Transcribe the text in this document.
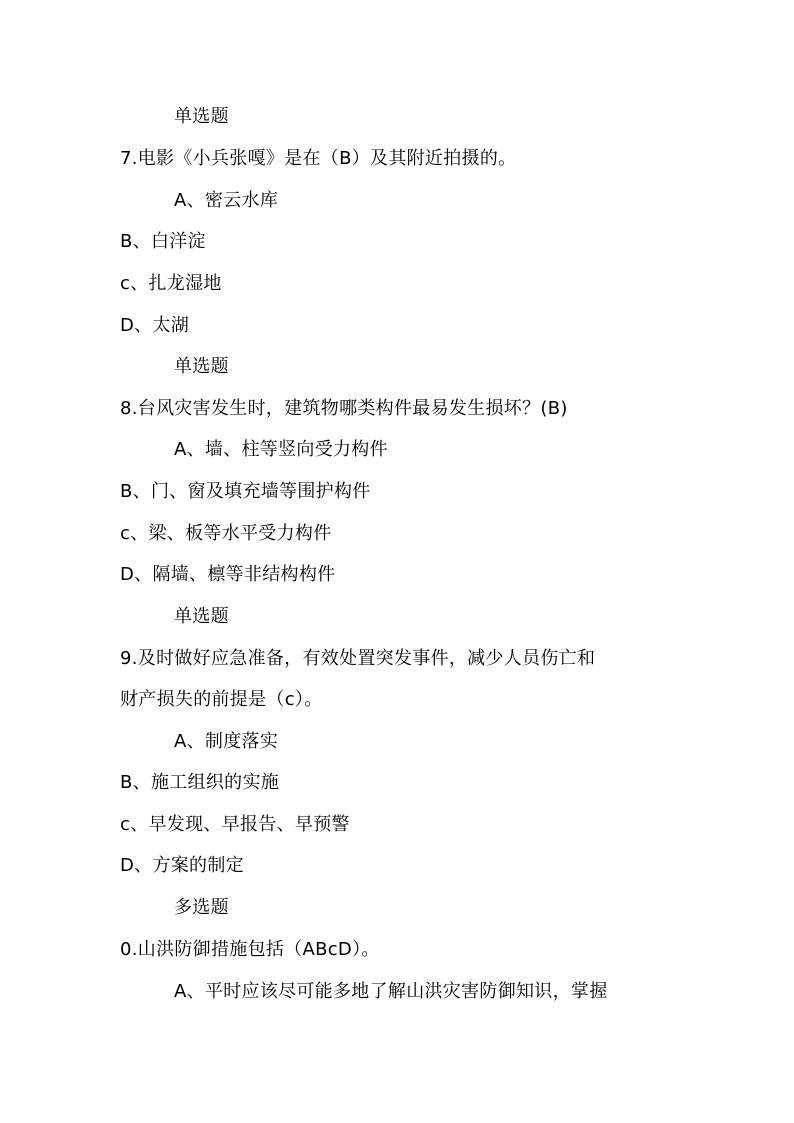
单选题
7.电影《小兵张嘎》是在（B）及其附近拍摄的。
A、密云水库
B、白洋淀
c、扎龙湿地
D、太湖
单选题
8.台风灾害发生时，建筑物哪类构件最易发生损坏？(B)
A、墙、柱等竖向受力构件
B、门、窗及填充墙等围护构件
c、梁、板等水平受力构件
D、隔墙、檩等非结构构件
单选题
9.及时做好应急准备，有效处置突发事件，减少人员伤亡和
财产损失的前提是（c）。
A、制度落实
B、施工组织的实施
c、早发现、早报告、早预警
D、方案的制定
多选题
0.山洪防御措施包括（ABcD）。
A、平时应该尽可能多地了解山洪灾害防御知识，掌握
